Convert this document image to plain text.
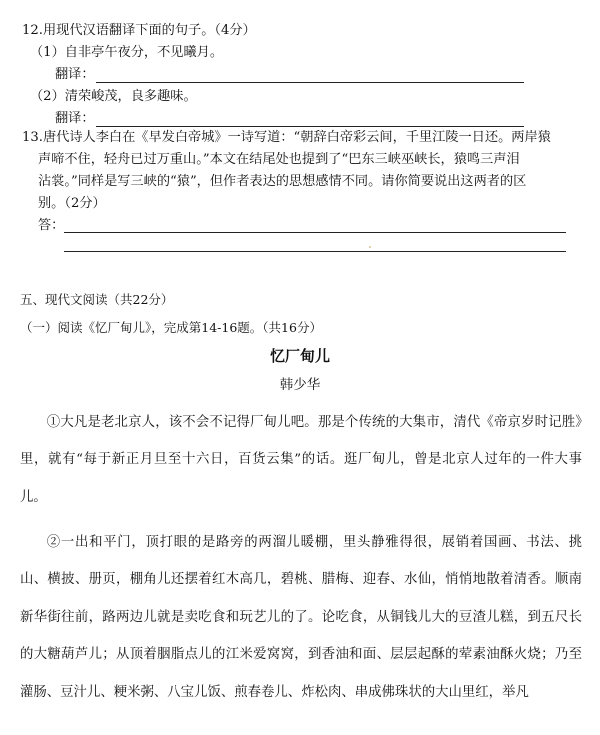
12.用现代汉语翻译下面的句子。（4分）
（1）自非亭午夜分，不见曦月。
翻译：
（2）清荣峻茂，良多趣味。
翻译：
13.唐代诗人李白在《早发白帝城》一诗写道：“朝辞白帝彩云间，千里江陵一日还。两岸猿
声啼不住，轻舟已过万重山。”本文在结尾处也提到了“巴东三峡巫峡长，猿鸣三声泪
沾裳。”同样是写三峡的“猿”，但作者表达的思想感情不同。请你简要说出这两者的区
别。（2分）
答：
五、现代文阅读（共22分）
（一）阅读《忆厂甸儿》，完成第14-16题。（共16分）
忆厂甸儿
韩少华
①大凡是老北京人，该不会不记得厂甸儿吧。那是个传统的大集市，清代《帝京岁时记胜》里，就有“每于新正月旦至十六日，百货云集”的话。逛厂甸儿，曾是北京人过年的一件大事儿。
②一出和平门，顶打眼的是路旁的两溜儿暖棚，里头静雅得很，展销着国画、书法、挑山、横披、册页，棚角儿还摆着红木高几，碧桃、腊梅、迎春、水仙，悄悄地散着清香。顺南新华街往前，路两边儿就是卖吃食和玩艺儿的了。论吃食，从铜钱儿大的豆渣儿糕，到五尺长的大糖葫芦儿；从顶着胭脂点儿的江米爱窝窝，到香油和面、层层起酥的荤素油酥火烧；乃至灌肠、豆汁儿、粳米粥、八宝儿饭、煎春卷儿、炸松肉、串成佛珠状的大山里红，举凡
